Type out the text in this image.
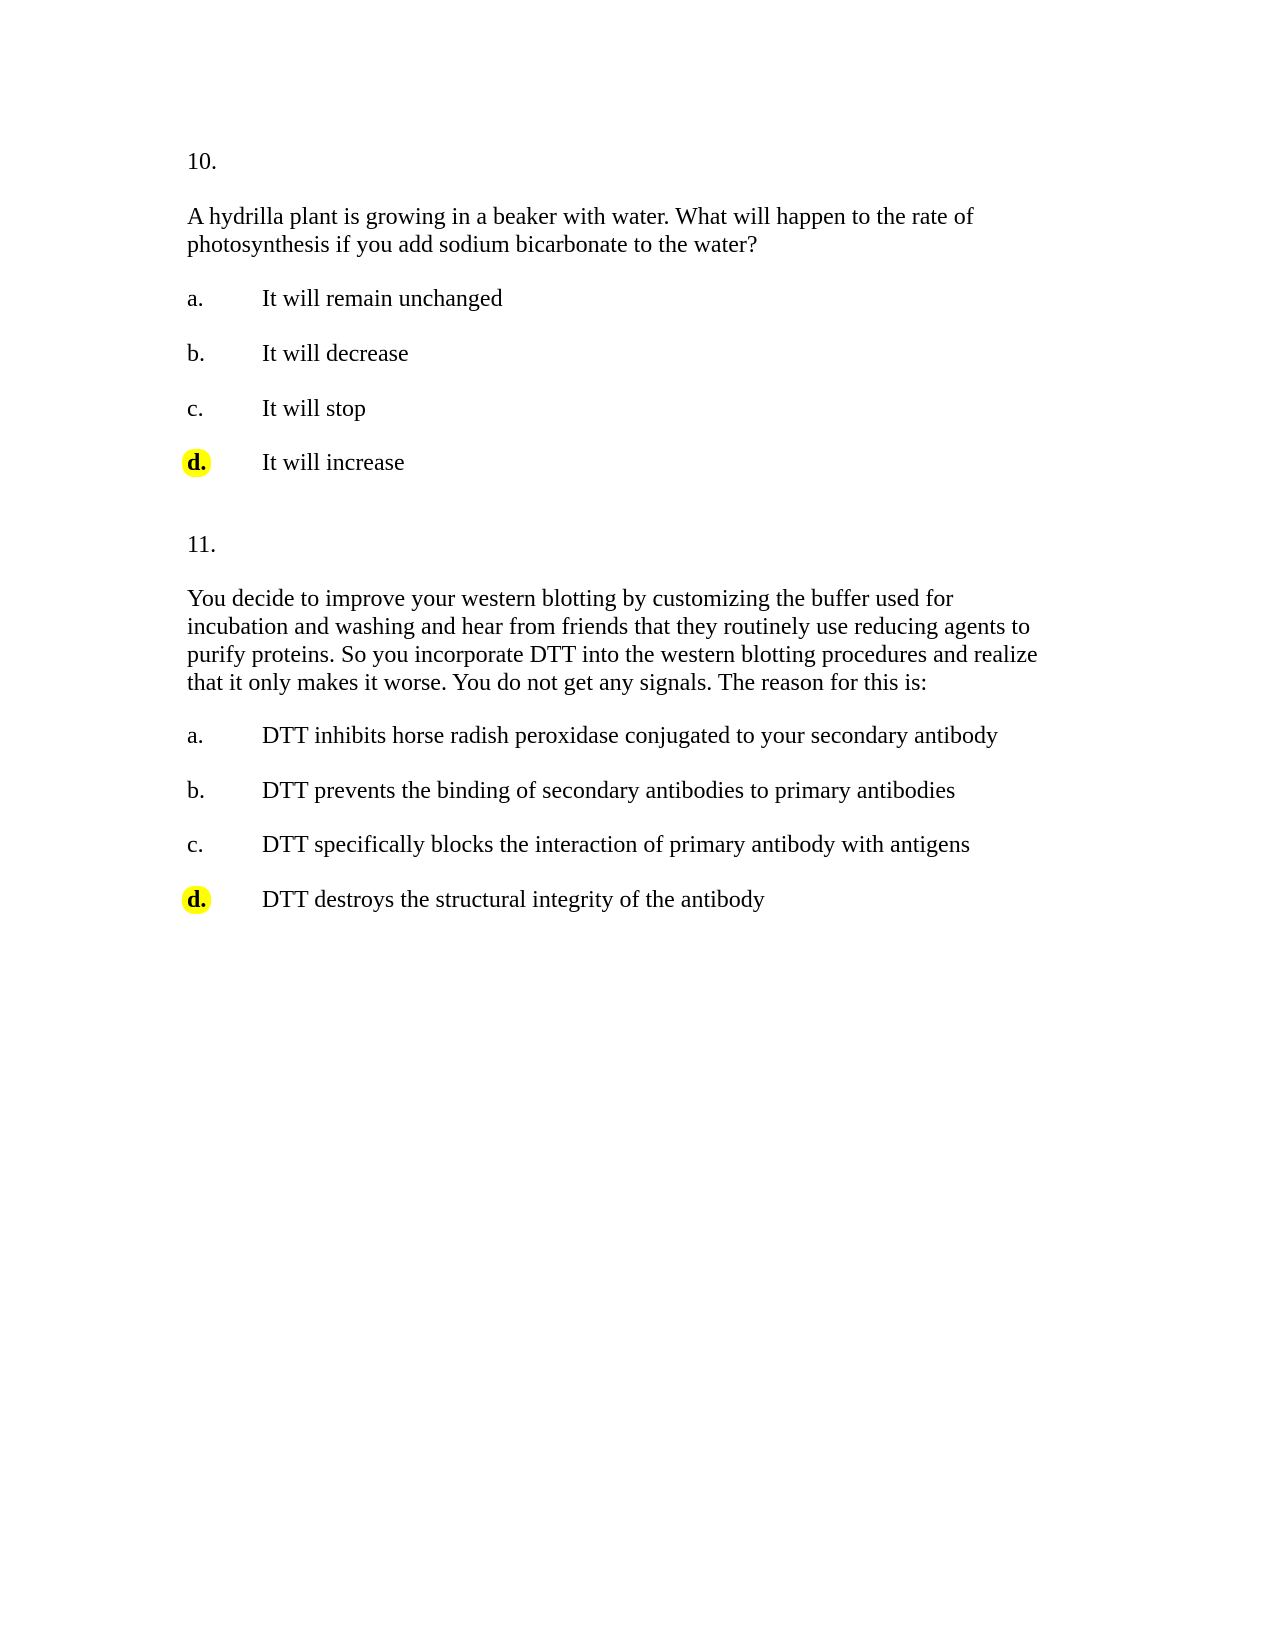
10.
A hydrilla plant is growing in a beaker with water. What will happen to the rate of
photosynthesis if you add sodium bicarbonate to the water?
a. It will remain unchanged
b. It will decrease
c. It will stop
d. It will increase
11.
You decide to improve your western blotting by customizing the buffer used for
incubation and washing and hear from friends that they routinely use reducing agents to
purify proteins. So you incorporate DTT into the western blotting procedures and realize
that it only makes it worse. You do not get any signals. The reason for this is:
a. DTT inhibits horse radish peroxidase conjugated to your secondary antibody
b. DTT prevents the binding of secondary antibodies to primary antibodies
c. DTT specifically blocks the interaction of primary antibody with antigens
d. DTT destroys the structural integrity of the antibody
